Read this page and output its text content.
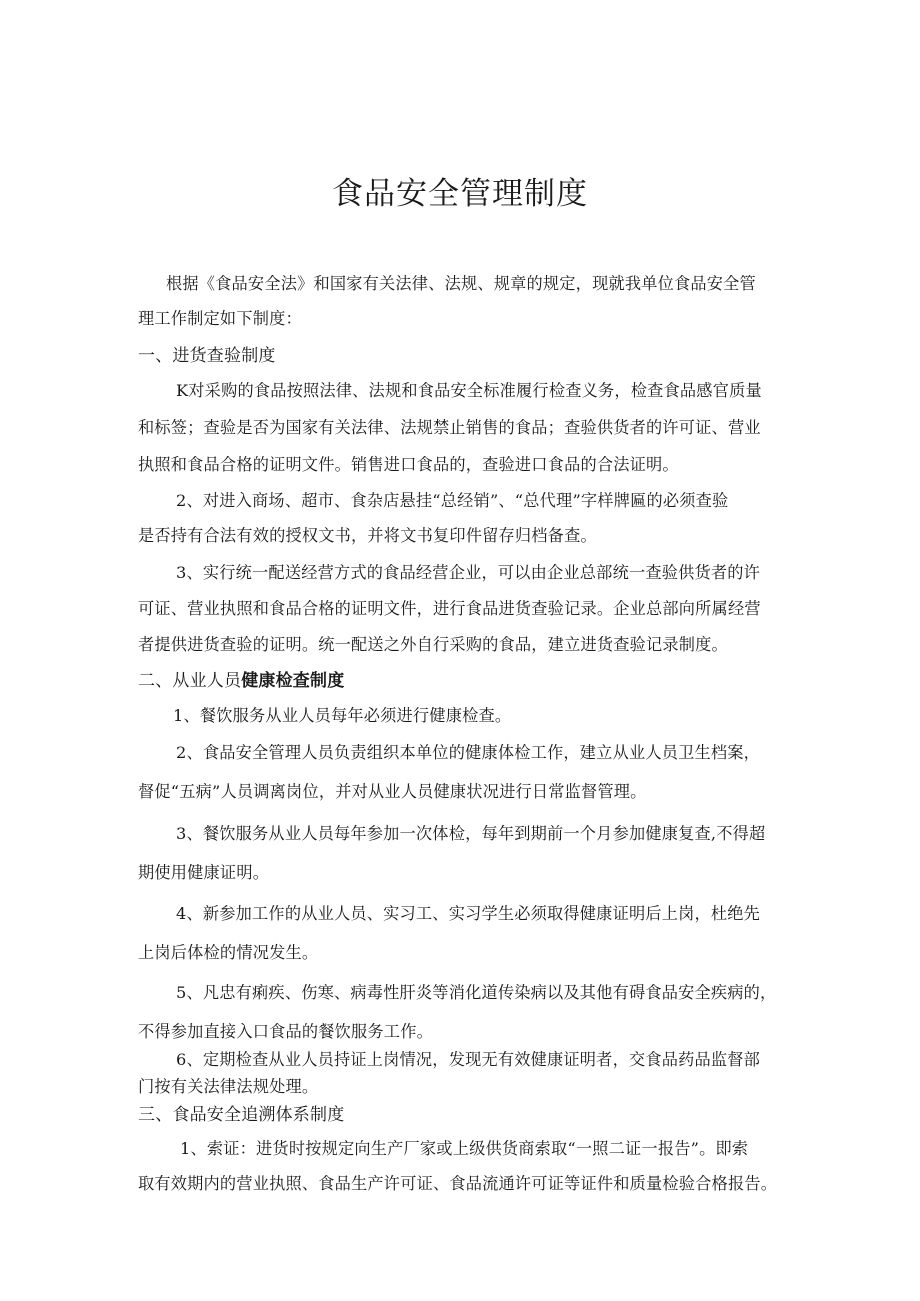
食品安全管理制度
根据《食品安全法》和国家有关法律、法规、规章的规定，现就我单位食品安全管
理工作制定如下制度：
一、进货查验制度
K对采购的食品按照法律、法规和食品安全标准履行检查义务，检查食品感官质量
和标签；查验是否为国家有关法律、法规禁止销售的食品；查验供货者的许可证、营业
执照和食品合格的证明文件。销售进口食品的，查验进口食品的合法证明。
2、对进入商场、超市、食杂店悬挂“总经销”、“总代理”字样牌匾的必须查验
是否持有合法有效的授权文书，并将文书复印件留存归档备查。
3、实行统一配送经营方式的食品经营企业，可以由企业总部统一查验供货者的许
可证、营业执照和食品合格的证明文件，进行食品进货查验记录。企业总部向所属经营
者提供进货查验的证明。统一配送之外自行采购的食品，建立进货查验记录制度。
二、从业人员健康检查制度
1、餐饮服务从业人员每年必须进行健康检查。
2、食品安全管理人员负责组织本单位的健康体检工作，建立从业人员卫生档案，
督促“五病”人员调离岗位，并对从业人员健康状况进行日常监督管理。
3、餐饮服务从业人员每年参加一次体检，每年到期前一个月参加健康复查,不得超
期使用健康证明。
4、新参加工作的从业人员、实习工、实习学生必须取得健康证明后上岗，杜绝先
上岗后体检的情况发生。
5、凡忠有痢疾、伤寒、病毒性肝炎等消化道传染病以及其他有碍食品安全疾病的，
不得参加直接入口食品的餐饮服务工作。
6、定期检查从业人员持证上岗情况，发现无有效健康证明者，交食品药品监督部
门按有关法律法规处理。
三、食品安全追溯体系制度
1、索证：进货时按规定向生产厂家或上级供货商索取“一照二证一报告”。即索
取有效期内的营业执照、食品生产许可证、食品流通许可证等证件和质量检验合格报告。
